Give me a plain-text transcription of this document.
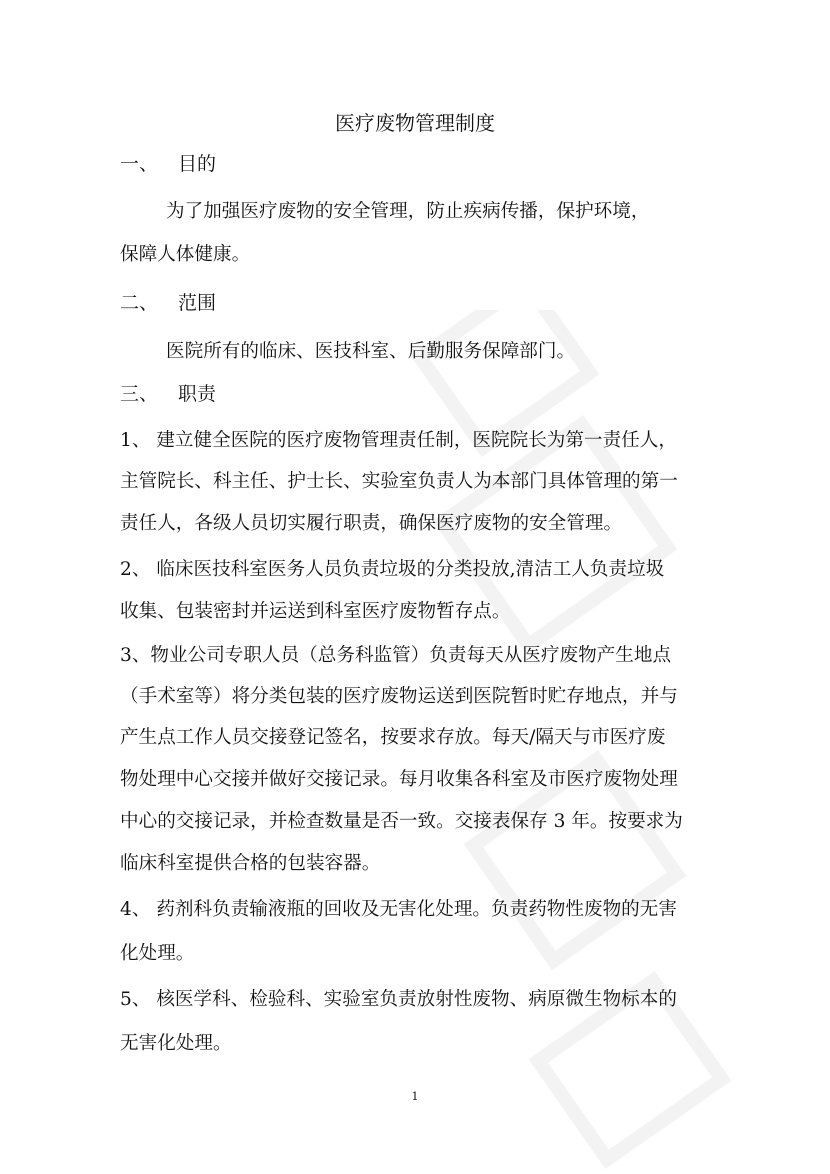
医疗废物管理制度
一、 目的
为了加强医疗废物的安全管理，防止疾病传播，保护环境，
保障人体健康。
二、 范围
医院所有的临床、医技科室、后勤服务保障部门。
三、 职责
1、 建立健全医院的医疗废物管理责任制，医院院长为第一责任人，
主管院长、科主任、护士长、实验室负责人为本部门具体管理的第一
责任人，各级人员切实履行职责，确保医疗废物的安全管理。
2、 临床医技科室医务人员负责垃圾的分类投放,清洁工人负责垃圾
收集、包装密封并运送到科室医疗废物暂存点。
3、物业公司专职人员（总务科监管）负责每天从医疗废物产生地点
（手术室等）将分类包装的医疗废物运送到医院暂时贮存地点，并与
产生点工作人员交接登记签名，按要求存放。每天/隔天与市医疗废
物处理中心交接并做好交接记录。每月收集各科室及市医疗废物处理
中心的交接记录，并检查数量是否一致。交接表保存 3 年。按要求为
临床科室提供合格的包装容器。
4、 药剂科负责输液瓶的回收及无害化处理。负责药物性废物的无害
化处理。
5、 核医学科、检验科、实验室负责放射性废物、病原微生物标本的
无害化处理。
1
